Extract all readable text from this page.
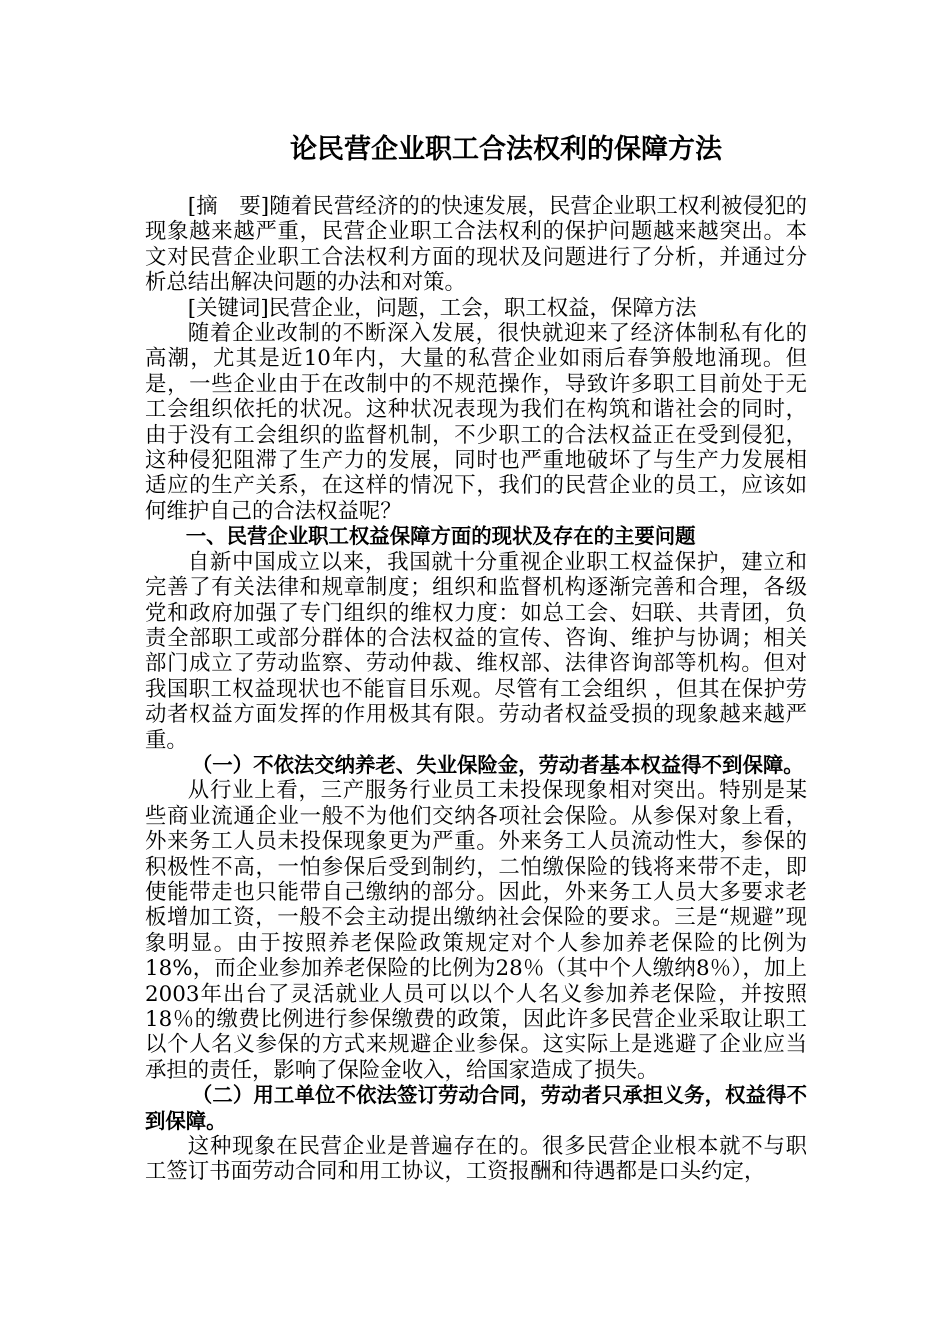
论民营企业职工合法权利的保障方法

[摘　要]随着民营经济的的快速发展，民营企业职工权利被侵犯的现象越来越严重，民营企业职工合法权利的保护问题越来越突出。本文对民营企业职工合法权利方面的现状及问题进行了分析，并通过分析总结出解决问题的办法和对策。

[关键词]民营企业，问题，工会，职工权益，保障方法

随着企业改制的不断深入发展，很快就迎来了经济体制私有化的高潮，尤其是近10年内，大量的私营企业如雨后春笋般地涌现。但是，一些企业由于在改制中的不规范操作，导致许多职工目前处于无工会组织依托的状况。这种状况表现为我们在构筑和谐社会的同时，由于没有工会组织的监督机制，不少职工的合法权益正在受到侵犯，这种侵犯阻滞了生产力的发展，同时也严重地破坏了与生产力发展相适应的生产关系，在这样的情况下，我们的民营企业的员工，应该如何维护自己的合法权益呢？

一、民营企业职工权益保障方面的现状及存在的主要问题

自新中国成立以来，我国就十分重视企业职工权益保护，建立和完善了有关法律和规章制度；组织和监督机构逐渐完善和合理，各级党和政府加强了专门组织的维权力度：如总工会、妇联、共青团，负责全部职工或部分群体的合法权益的宣传、咨询、维护与协调；相关部门成立了劳动监察、劳动仲裁、维权部、法律咨询部等机构。但对我国职工权益现状也不能盲目乐观。尽管有工会组织 ，但其在保护劳动者权益方面发挥的作用极其有限。劳动者权益受损的现象越来越严重。

（一）不依法交纳养老、失业保险金，劳动者基本权益得不到保障。

从行业上看，三产服务行业员工未投保现象相对突出。特别是某些商业流通企业一般不为他们交纳各项社会保险。从参保对象上看，外来务工人员未投保现象更为严重。外来务工人员流动性大，参保的积极性不高，一怕参保后受到制约，二怕缴保险的钱将来带不走，即使能带走也只能带自己缴纳的部分。因此，外来务工人员大多要求老板增加工资，一般不会主动提出缴纳社会保险的要求。三是“规避”现象明显。由于按照养老保险政策规定对个人参加养老保险的比例为18%，而企业参加养老保险的比例为28％（其中个人缴纳8％），加上2003年出台了灵活就业人员可以以个人名义参加养老保险，并按照18％的缴费比例进行参保缴费的政策，因此许多民营企业采取让职工以个人名义参保的方式来规避企业参保。这实际上是逃避了企业应当承担的责任，影响了保险金收入，给国家造成了损失。

（二）用工单位不依法签订劳动合同，劳动者只承担义务，权益得不到保障。

这种现象在民营企业是普遍存在的。很多民营企业根本就不与职工签订书面劳动合同和用工协议，工资报酬和待遇都是口头约定，
